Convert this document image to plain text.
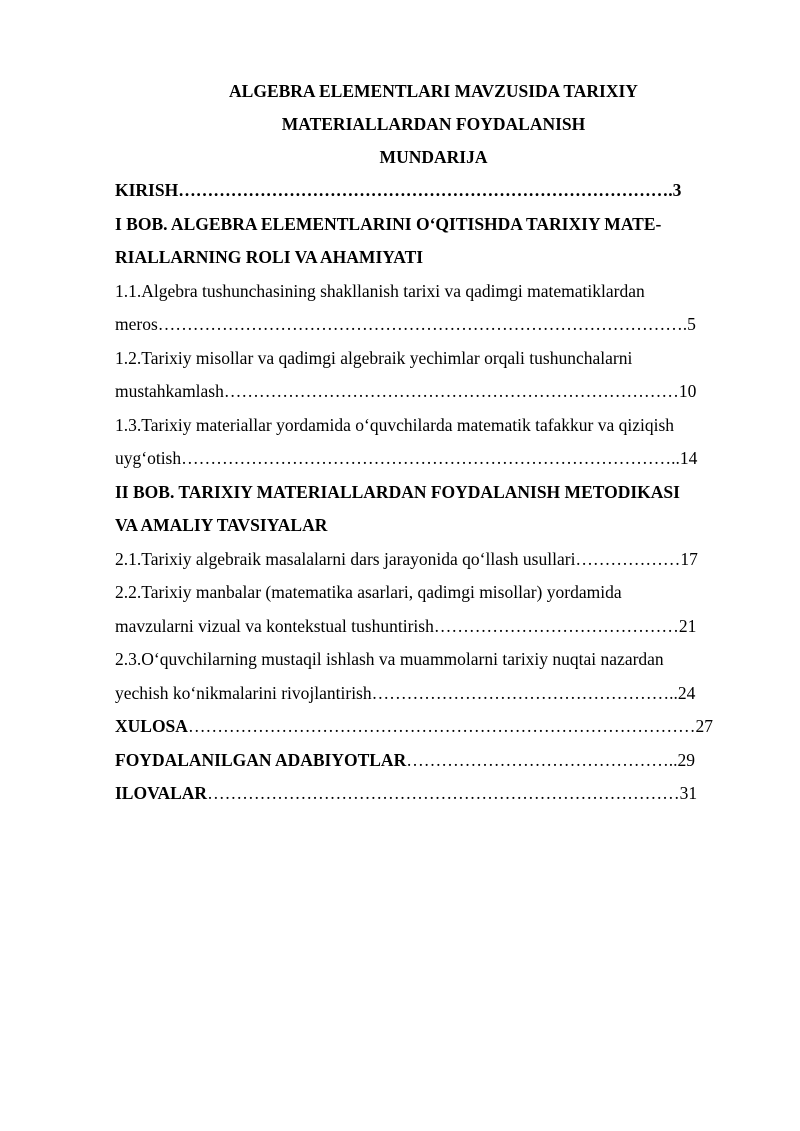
ALGEBRA ELEMENTLARI MAVZUSIDA TARIXIY

MATERIALLARDAN FOYDALANISH

MUNDARIJA

KIRISH………………………………………………………………………….3

I BOB. ALGEBRA ELEMENTLARINI O‘QITISHDA TARIXIY MATE-

RIALLARNING ROLI VA AHAMIYATI

1.1.Algebra tushunchasining shakllanish tarixi va qadimgi matematiklardan

meros……………………………………………………………………………….5

1.2.Tarixiy misollar va qadimgi algebraik yechimlar orqali tushunchalarni

mustahkamlash……………………………………………………………………10

1.3.Tarixiy materiallar yordamida o‘quvchilarda matematik tafakkur va qiziqish

uyg‘otish…………………………………………………………………………..14

II BOB. TARIXIY MATERIALLARDAN FOYDALANISH METODIKASI

VA AMALIY TAVSIYALAR

2.1.Tarixiy algebraik masalalarni dars jarayonida qo‘llash usullari………………17

2.2.Tarixiy manbalar (matematika asarlari, qadimgi misollar) yordamida

mavzularni vizual va kontekstual tushuntirish……………………………………21

2.3.O‘quvchilarning mustaqil ishlash va muammolarni tarixiy nuqtai nazardan

yechish ko‘nikmalarini rivojlantirish……………………………………………..24

XULOSA……………………………………………………………………………27

FOYDALANILGAN ADABIYOTLAR………………………………………..29

ILOVALAR………………………………………………………………………31
